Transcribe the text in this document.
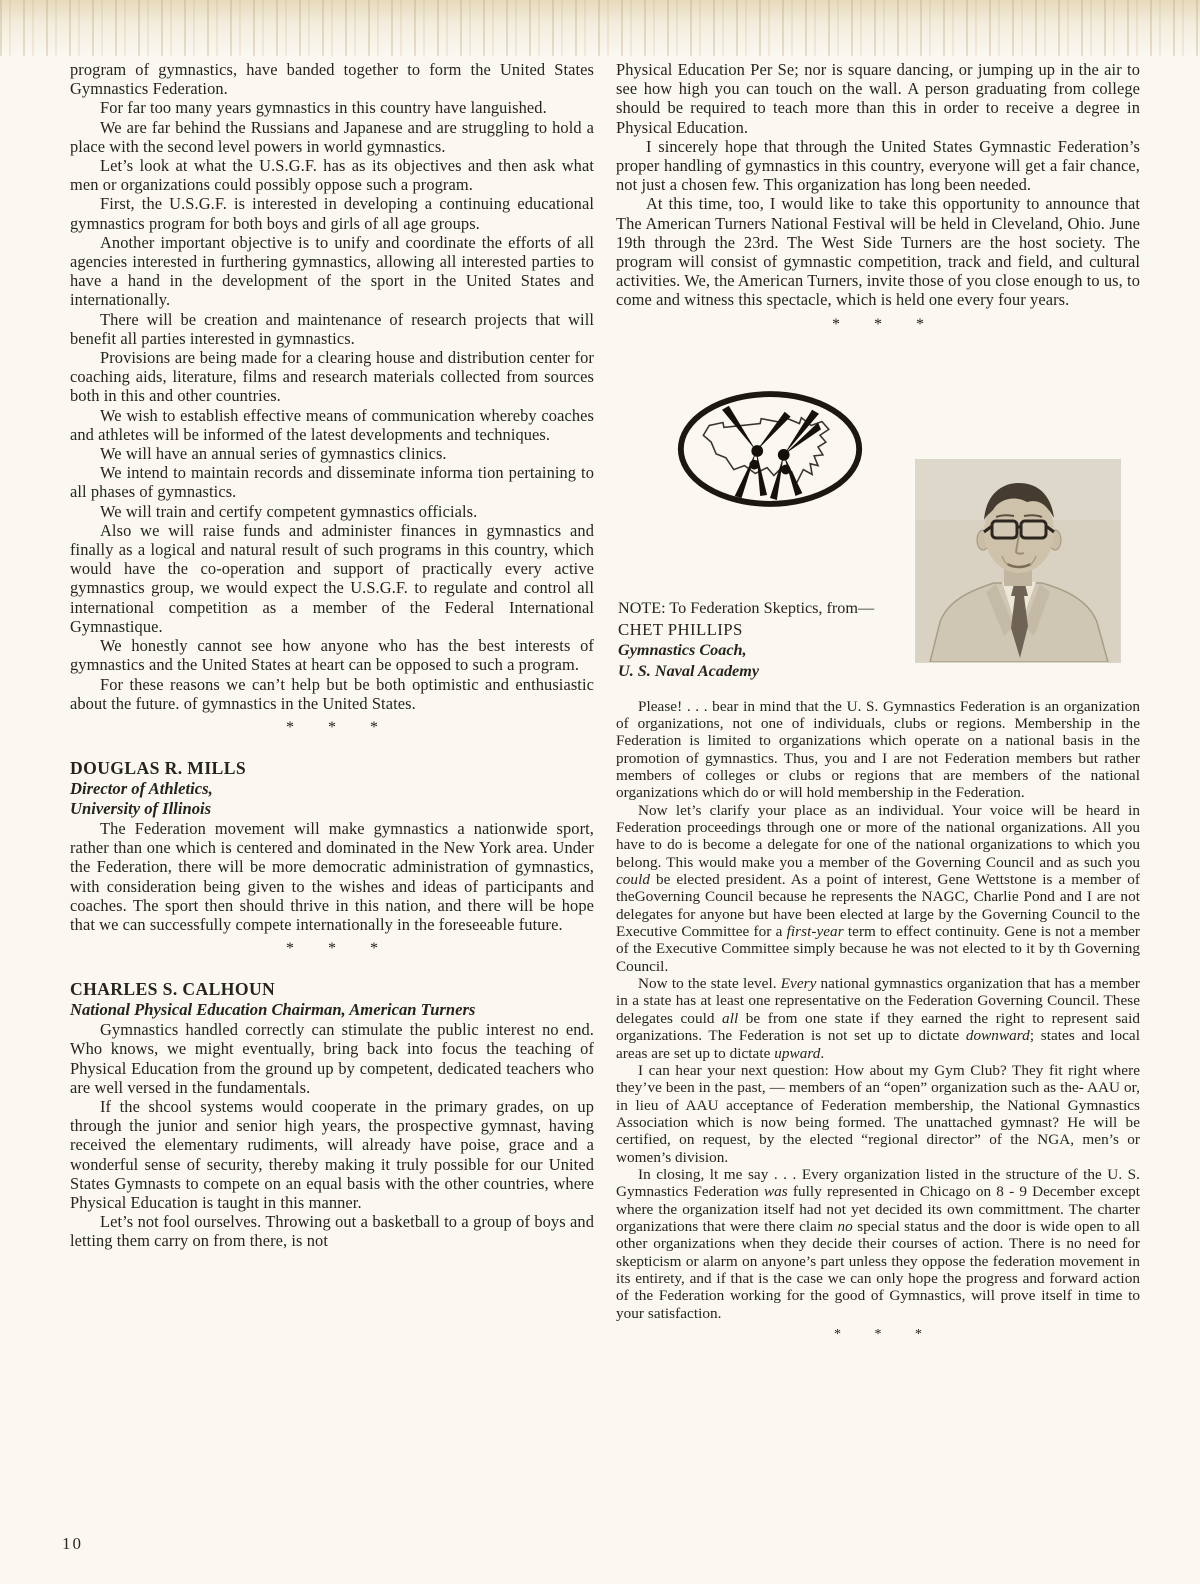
program of gymnastics, have banded together to form the United States Gymnastics Federation.

For far too many years gymnastics in this country have languished.

We are far behind the Russians and Japanese and are struggling to hold a place with the second level powers in world gymnastics.

Let’s look at what the U.S.G.F. has as its objectives and then ask what men or organizations could possibly oppose such a program.

First, the U.S.G.F. is interested in developing a continuing educational gymnastics program for both boys and girls of all age groups.

Another important objective is to unify and coordinate the efforts of all agencies interested in furthering gymnastics, allowing all interested parties to have a hand in the development of the sport in the United States and internationally.

There will be creation and maintenance of research projects that will benefit all parties interested in gymnastics.

Provisions are being made for a clearing house and distribution center for coaching aids, literature, films and research materials collected from sources both in this and other countries.

We wish to establish effective means of communication whereby coaches and athletes will be informed of the latest developments and techniques.

We will have an annual series of gymnastics clinics.

We intend to maintain records and disseminate informa tion pertaining to all phases of gymnastics.

We will train and certify competent gymnastics officials.

Also we will raise funds and administer finances in gymnastics and finally as a logical and natural result of such programs in this country, which would have the co-operation and support of practically every active gymnastics group, we would expect the U.S.G.F. to regulate and control all international competition as a member of the Federal International Gymnastique.

We honestly cannot see how anyone who has the best interests of gymnastics and the United States at heart can be opposed to such a program.

For these reasons we can’t help but be both optimistic and enthusiastic about the future. of gymnastics in the United States.

* * *
DOUGLAS R. MILLS
Director of Athletics,
University of Illinois

The Federation movement will make gymnastics a nationwide sport, rather than one which is centered and dominated in the New York area. Under the Federation, there will be more democratic administration of gymnastics, with consideration being given to the wishes and ideas of participants and coaches. The sport then should thrive in this nation, and there will be hope that we can successfully compete internationally in the foreseeable future.

* * *
CHARLES S. CALHOUN
National Physical Education Chairman, American Turners

Gymnastics handled correctly can stimulate the public interest no end. Who knows, we might eventually, bring back into focus the teaching of Physical Education from the ground up by competent, dedicated teachers who are well versed in the fundamentals.

If the shcool systems would cooperate in the primary grades, on up through the junior and senior high years, the prospective gymnast, having received the elementary rudiments, will already have poise, grace and a wonderful sense of security, thereby making it truly possible for our United States Gymnasts to compete on an equal basis with the other countries, where Physical Education is taught in this manner.

Let’s not fool ourselves. Throwing out a basketball to a group of boys and letting them carry on from there, is not

Physical Education Per Se; nor is square dancing, or jumping up in the air to see how high you can touch on the wall. A person graduating from college should be required to teach more than this in order to receive a degree in Physical Education.

I sincerely hope that through the United States Gymnastic Federation’s proper handling of gymnastics in this country, everyone will get a fair chance, not just a chosen few. This organization has long been needed.

At this time, too, I would like to take this opportunity to announce that The American Turners National Festival will be held in Cleveland, Ohio. June 19th through the 23rd. The West Side Turners are the host society. The program will consist of gymnastic competition, track and field, and cultural activities. We, the American Turners, invite those of you close enough to us, to come and witness this spectacle, which is held one every four years.

* * *
NOTE: To Federation Skeptics, from—
CHET PHILLIPS
Gymnastics Coach,
U. S. Naval Academy

Please! . . . bear in mind that the U. S. Gymnastics Federation is an organization of organizations, not one of individuals, clubs or regions. Membership in the Federation is limited to organizations which operate on a national basis in the promotion of gymnastics. Thus, you and I are not Federation members but rather members of colleges or clubs or regions that are members of the national organizations which do or will hold membership in the Federation.

Now let’s clarify your place as an individual. Your voice will be heard in Federation proceedings through one or more of the national organizations. All you have to do is become a delegate for one of the national organizations to which you belong. This would make you a member of the Governing Council and as such you could be elected president. As a point of interest, Gene Wettstone is a member of theGoverning Council because he represents the NAGC, Charlie Pond and I are not delegates for anyone but have been elected at large by the Governing Council to the Executive Committee for a first-year term to effect continuity. Gene is not a member of the Executive Committee simply because he was not elected to it by th Governing Council.

Now to the state level. Every national gymnastics organization that has a member in a state has at least one representative on the Federation Governing Council. These delegates could all be from one state if they earned the right to represent said organizations. The Federation is not set up to dictate downward; states and local areas are set up to dictate upward.

I can hear your next question: How about my Gym Club? They fit right where they’ve been in the past, — members of an “open” organization such as the- AAU or, in lieu of AAU acceptance of Federation membership, the National Gymnastics Association which is now being formed. The unattached gymnast? He will be certified, on request, by the elected “regional director” of the NGA, men’s or women’s division.

In closing, lt me say . . . Every organization listed in the structure of the U. S. Gymnastics Federation was fully represented in Chicago on 8 - 9 December except where the organization itself had not yet decided its own committment. The charter organizations that were there claim no special status and the door is wide open to all other organizations when they decide their courses of action. There is no need for skepticism or alarm on anyone’s part unless they oppose the federation movement in its entirety, and if that is the case we can only hope the progress and forward action of the Federation working for the good of Gymnastics, will prove itself in time to your satisfaction.

* * *
10
